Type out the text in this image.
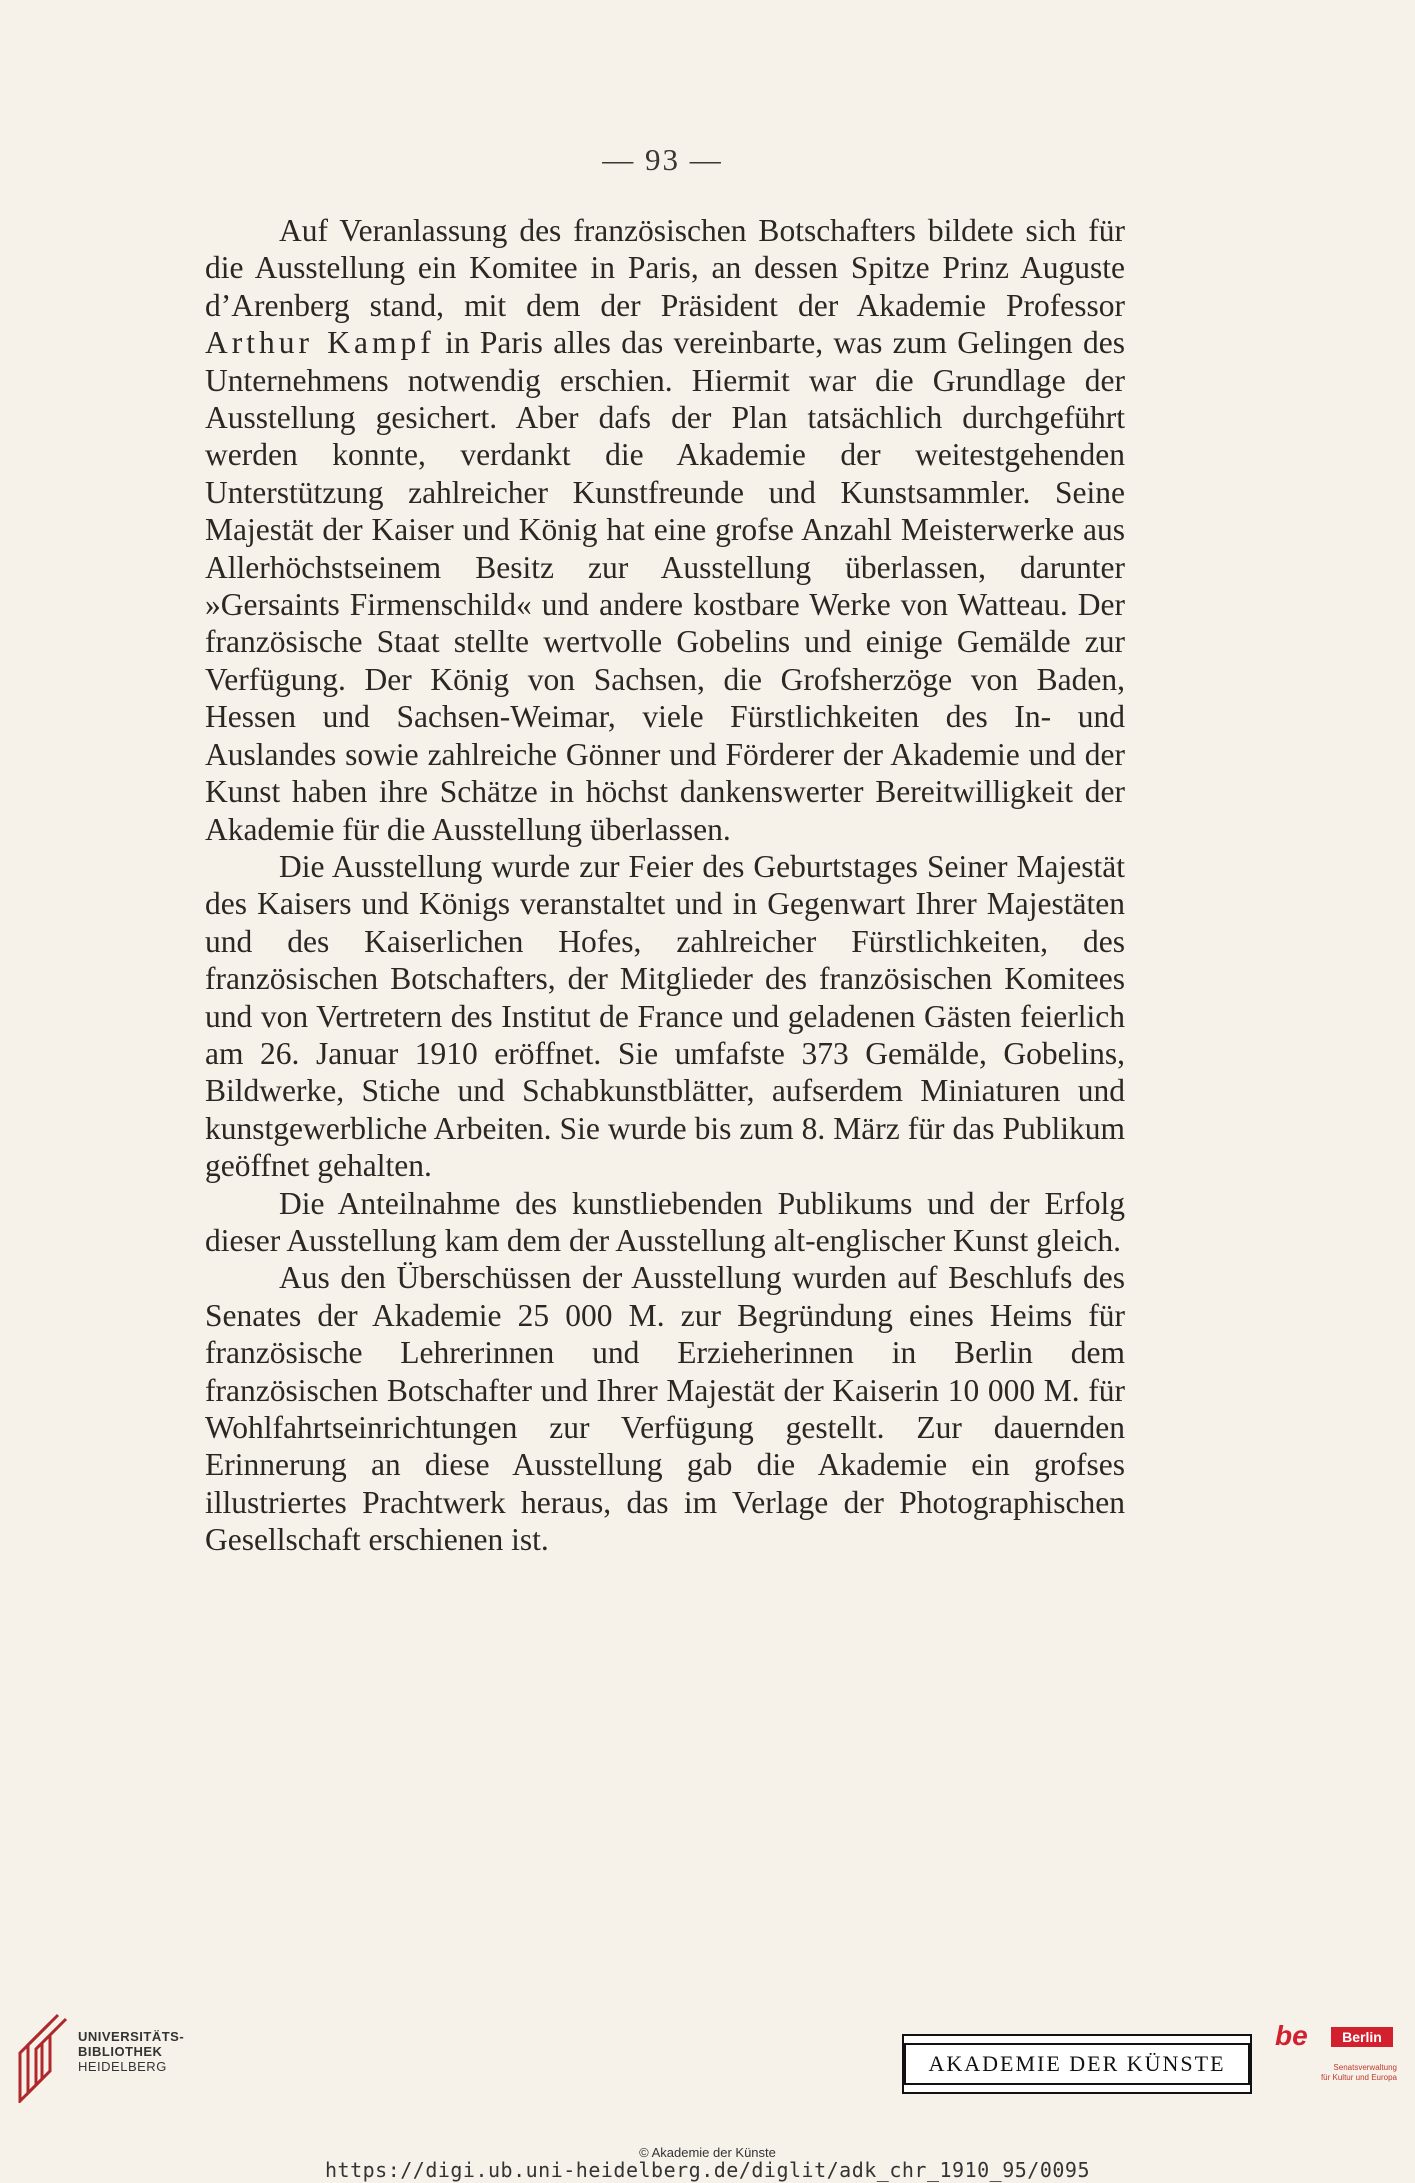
— 93 —

Auf Veranlassung des französischen Botschafters bildete sich für die Ausstellung ein Komitee in Paris, an dessen Spitze Prinz Auguste d’Arenberg stand, mit dem der Präsident der Akademie Professor Arthur Kampf in Paris alles das vereinbarte, was zum Gelingen des Unternehmens notwendig erschien. Hiermit war die Grundlage der Ausstellung gesichert. Aber dafs der Plan tatsächlich durchgeführt werden konnte, verdankt die Akademie der weitestgehenden Unterstützung zahlreicher Kunstfreunde und Kunstsammler. Seine Majestät der Kaiser und König hat eine grofse Anzahl Meisterwerke aus Allerhöchstseinem Besitz zur Ausstellung überlassen, darunter »Gersaints Firmenschild« und andere kostbare Werke von Watteau. Der französische Staat stellte wertvolle Gobelins und einige Gemälde zur Verfügung. Der König von Sachsen, die Grofsherzöge von Baden, Hessen und Sachsen-Weimar, viele Fürstlichkeiten des In- und Auslandes sowie zahlreiche Gönner und Förderer der Akademie und der Kunst haben ihre Schätze in höchst dankenswerter Bereitwilligkeit der Akademie für die Ausstellung überlassen.

Die Ausstellung wurde zur Feier des Geburtstages Seiner Majestät des Kaisers und Königs veranstaltet und in Gegenwart Ihrer Majestäten und des Kaiserlichen Hofes, zahlreicher Fürstlichkeiten, des französischen Botschafters, der Mitglieder des französischen Komitees und von Vertretern des Institut de France und geladenen Gästen feierlich am 26. Januar 1910 eröffnet. Sie umfafste 373 Gemälde, Gobelins, Bildwerke, Stiche und Schabkunstblätter, aufserdem Miniaturen und kunstgewerbliche Arbeiten. Sie wurde bis zum 8. März für das Publikum geöffnet gehalten.

Die Anteilnahme des kunstliebenden Publikums und der Erfolg dieser Ausstellung kam dem der Ausstellung alt-englischer Kunst gleich.

Aus den Überschüssen der Ausstellung wurden auf Beschlufs des Senates der Akademie 25 000 M. zur Begründung eines Heims für französische Lehrerinnen und Erzieherinnen in Berlin dem französischen Botschafter und Ihrer Majestät der Kaiserin 10 000 M. für Wohlfahrtseinrichtungen zur Verfügung gestellt. Zur dauernden Erinnerung an diese Ausstellung gab die Akademie ein grofses illustriertes Prachtwerk heraus, das im Verlage der Photographischen Gesellschaft erschienen ist.

UNIVERSITÄTS-
BIBLIOTHEK
HEIDELBERG	AKADEMIE DER KÜNSTE
be	Berlin
Senatsverwaltung
für Kultur und Europa
© Akademie der Künste
https://digi.ub.uni-heidelberg.de/diglit/adk_chr_1910_95/0095
